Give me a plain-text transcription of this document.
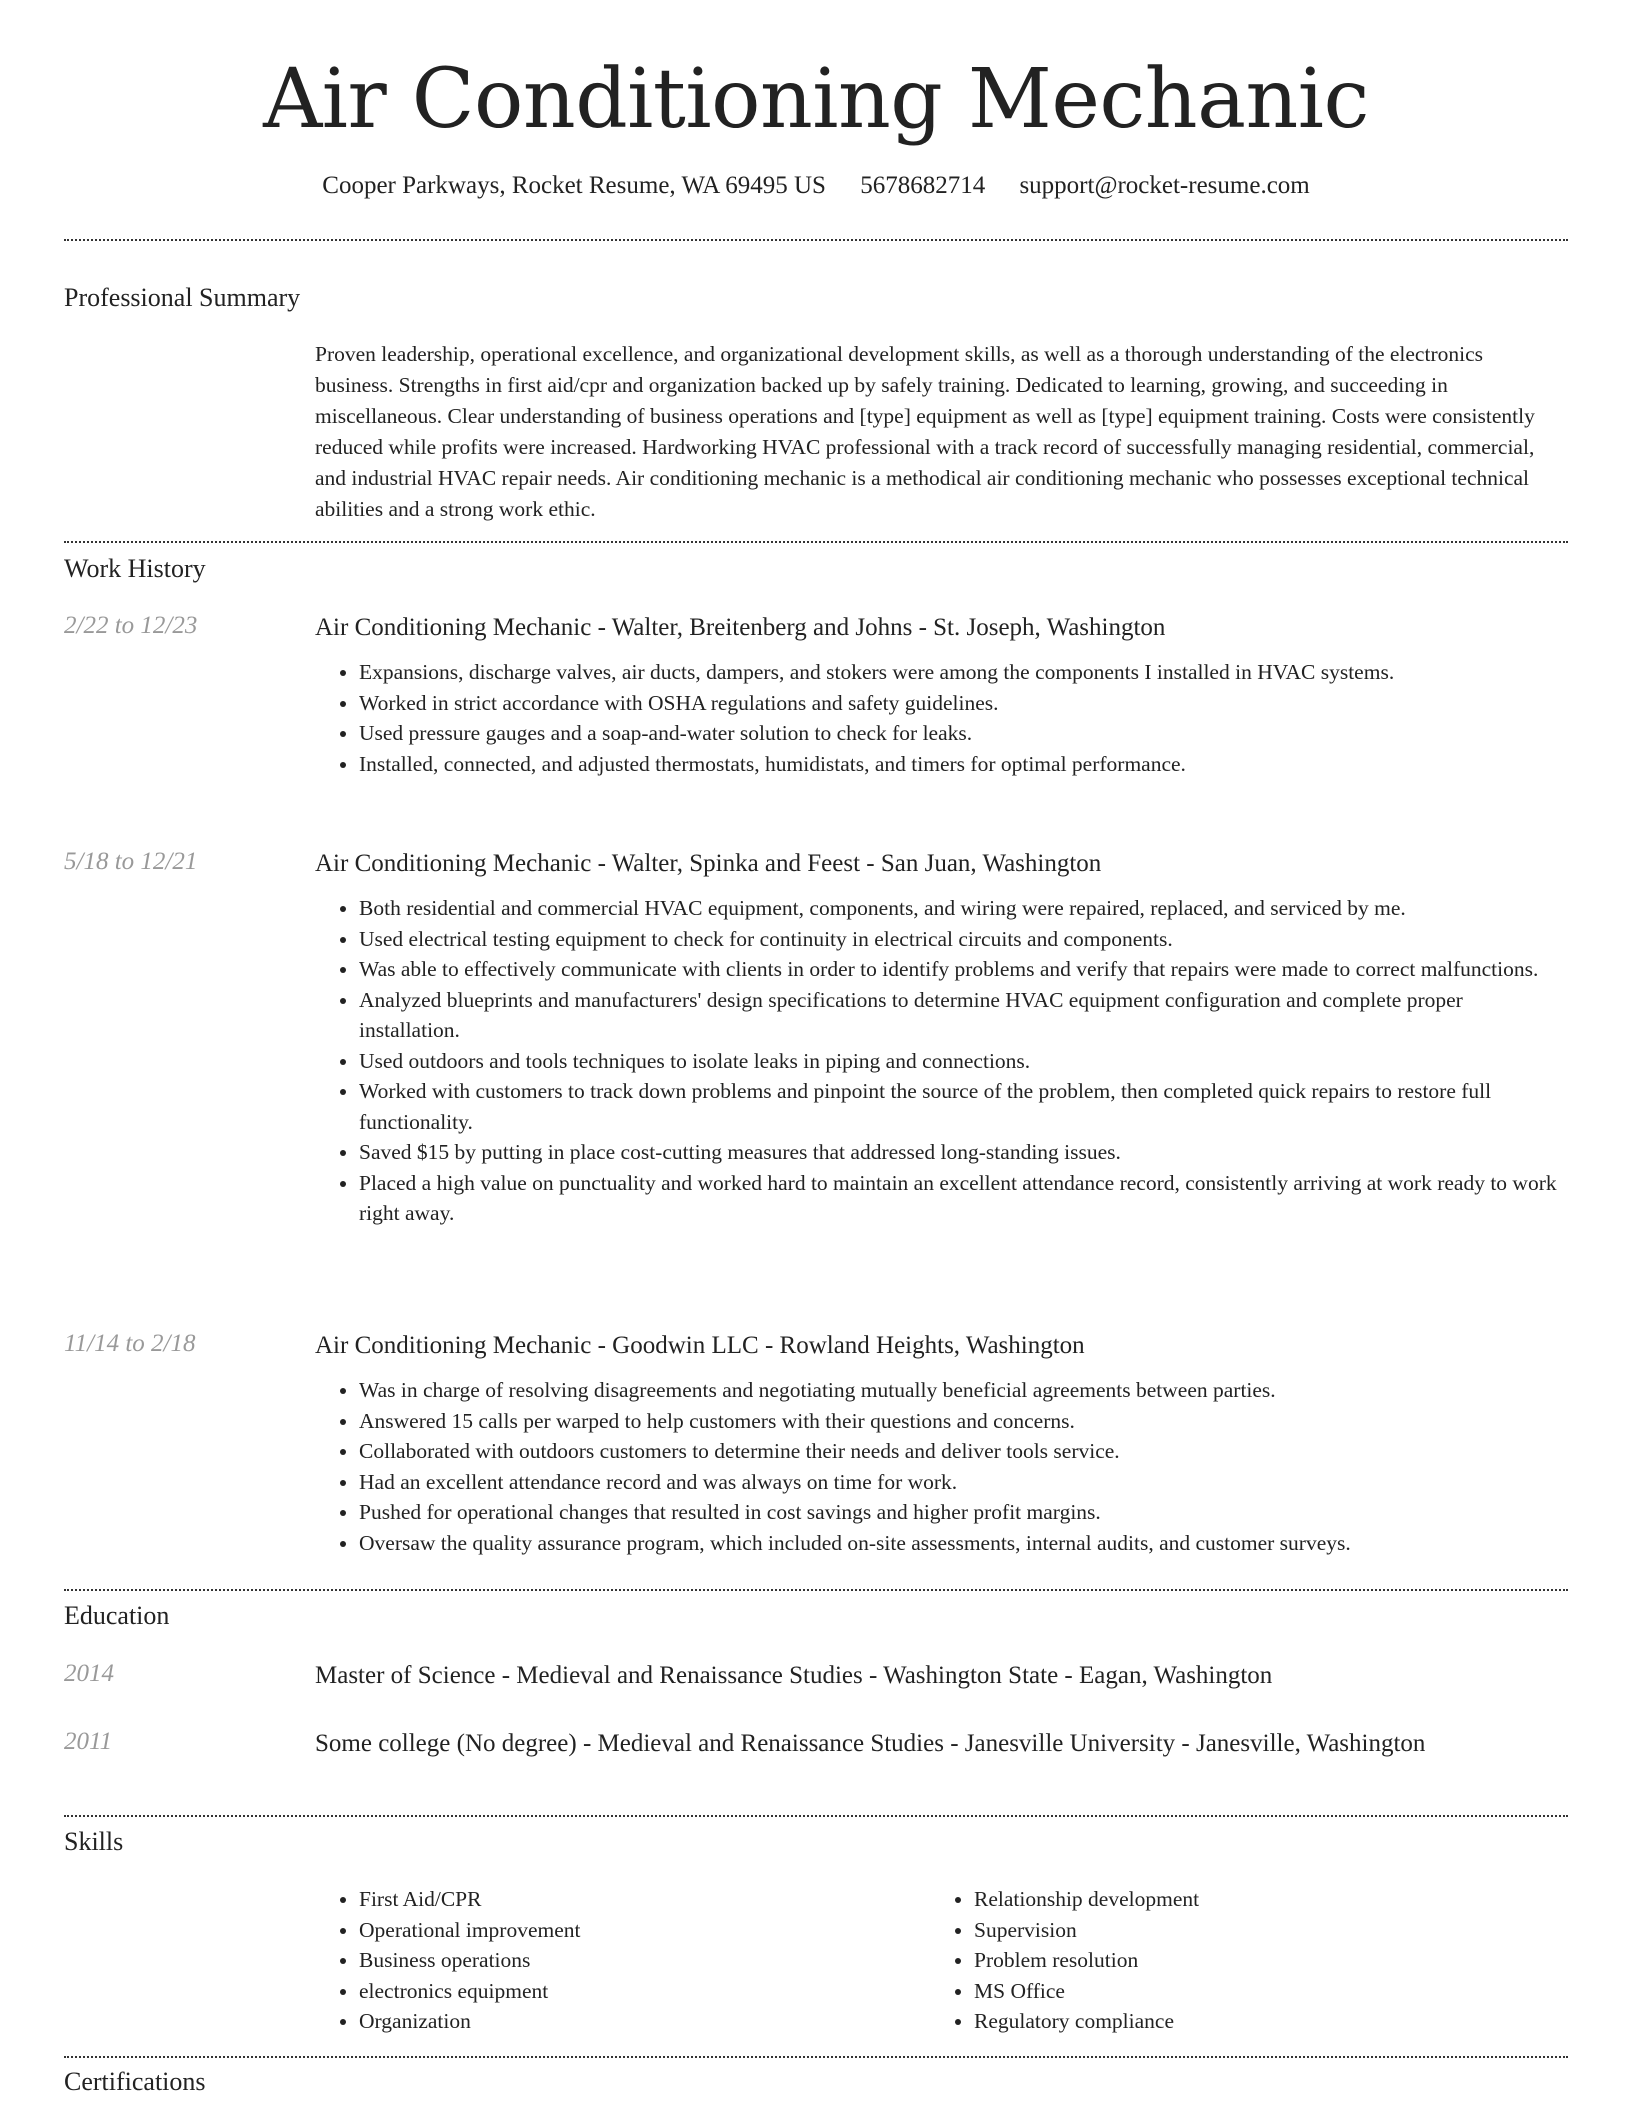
Air Conditioning Mechanic
Cooper Parkways, Rocket Resume, WA 69495 US 5678682714 support@rocket-resume.com
Professional Summary
Proven leadership, operational excellence, and organizational development skills, as well as a thorough understanding of the electronics business. Strengths in first aid/cpr and organization backed up by safely training. Dedicated to learning, growing, and succeeding in miscellaneous. Clear understanding of business operations and [type] equipment as well as [type] equipment training. Costs were consistently reduced while profits were increased. Hardworking HVAC professional with a track record of successfully managing residential, commercial, and industrial HVAC repair needs. Air conditioning mechanic is a methodical air conditioning mechanic who possesses exceptional technical abilities and a strong work ethic.
Work History
2/22 to 12/23	Air Conditioning Mechanic - Walter, Breitenberg and Johns - St. Joseph, Washington
• Expansions, discharge valves, air ducts, dampers, and stokers were among the components I installed in HVAC systems.
• Worked in strict accordance with OSHA regulations and safety guidelines.
• Used pressure gauges and a soap-and-water solution to check for leaks.
• Installed, connected, and adjusted thermostats, humidistats, and timers for optimal performance.
5/18 to 12/21	Air Conditioning Mechanic - Walter, Spinka and Feest - San Juan, Washington
• Both residential and commercial HVAC equipment, components, and wiring were repaired, replaced, and serviced by me.
• Used electrical testing equipment to check for continuity in electrical circuits and components.
• Was able to effectively communicate with clients in order to identify problems and verify that repairs were made to correct malfunctions.
• Analyzed blueprints and manufacturers' design specifications to determine HVAC equipment configuration and complete proper installation.
• Used outdoors and tools techniques to isolate leaks in piping and connections.
• Worked with customers to track down problems and pinpoint the source of the problem, then completed quick repairs to restore full functionality.
• Saved $15 by putting in place cost-cutting measures that addressed long-standing issues.
• Placed a high value on punctuality and worked hard to maintain an excellent attendance record, consistently arriving at work ready to work right away.
11/14 to 2/18	Air Conditioning Mechanic - Goodwin LLC - Rowland Heights, Washington
• Was in charge of resolving disagreements and negotiating mutually beneficial agreements between parties.
• Answered 15 calls per warped to help customers with their questions and concerns.
• Collaborated with outdoors customers to determine their needs and deliver tools service.
• Had an excellent attendance record and was always on time for work.
• Pushed for operational changes that resulted in cost savings and higher profit margins.
• Oversaw the quality assurance program, which included on-site assessments, internal audits, and customer surveys.
Education
2014	Master of Science - Medieval and Renaissance Studies - Washington State - Eagan, Washington
2011	Some college (No degree) - Medieval and Renaissance Studies - Janesville University - Janesville, Washington
Skills
• First Aid/CPR
• Operational improvement
• Business operations
• electronics equipment
• Organization
• Relationship development
• Supervision
• Problem resolution
• MS Office
• Regulatory compliance
Certifications
